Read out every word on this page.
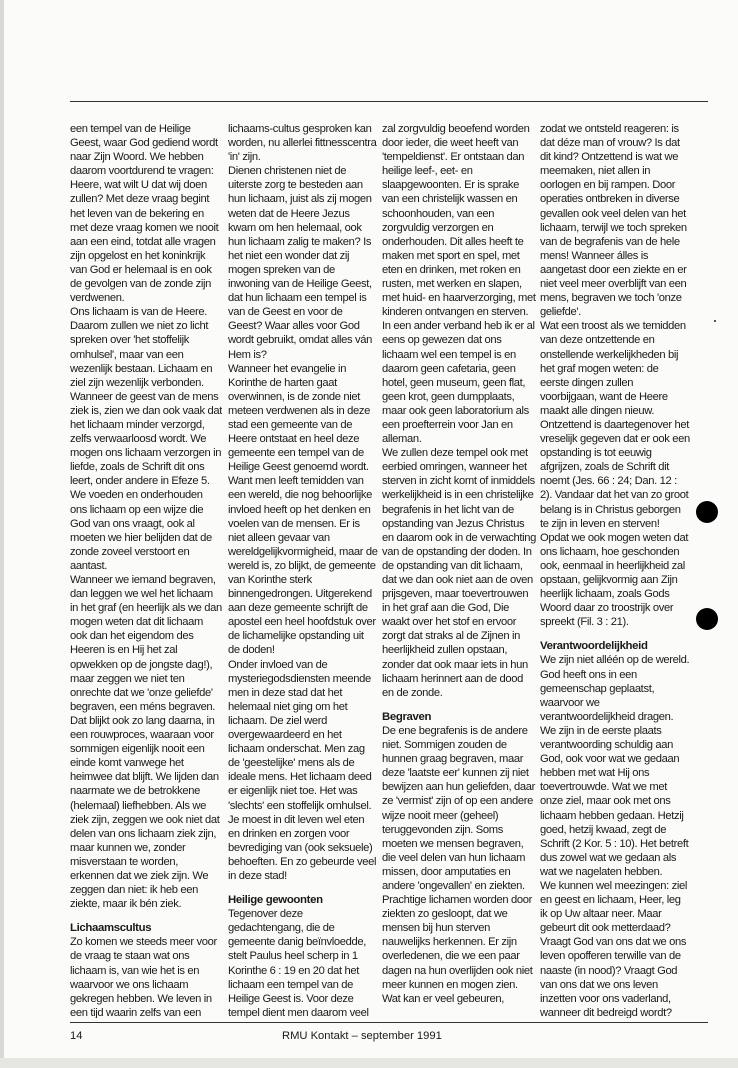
een tempel van de Heilige Geest, waar God gediend wordt naar Zijn Woord. We hebben daarom voortdurend te vragen: Heere, wat wilt U dat wij doen zullen? Met deze vraag begint het leven van de bekering en met deze vraag komen we nooit aan een eind, totdat alle vragen zijn opgelost en het koninkrijk van God er helemaal is en ook de gevolgen van de zonde zijn verdwenen.

Ons lichaam is van de Heere. Daarom zullen we niet zo licht spreken over 'het stoffelijk omhulsel', maar van een wezenlijk bestaan. Lichaam en ziel zijn wezenlijk verbonden. Wanneer de geest van de mens ziek is, zien we dan ook vaak dat het lichaam minder verzorgd, zelfs verwaarloosd wordt. We mogen ons lichaam verzorgen in liefde, zoals de Schrift dit ons leert, onder andere in Efeze 5. We voeden en onderhouden ons lichaam op een wijze die God van ons vraagt, ook al moeten we hier belijden dat de zonde zoveel verstoort en aantast.

Wanneer we iemand begraven, dan leggen we wel het lichaam in het graf (en heerlijk als we dan mogen weten dat dit lichaam ook dan het eigendom des Heeren is en Hij het zal opwekken op de jongste dag!), maar zeggen we niet ten onrechte dat we 'onze geliefde' begraven, een méns begraven. Dat blijkt ook zo lang daarna, in een rouwproces, waaraan voor sommigen eigenlijk nooit een einde komt vanwege het heimwee dat blijft. We lijden dan naarmate we de betrokkene (helemaal) liefhebben. Als we ziek zijn, zeggen we ook niet dat delen van ons lichaam ziek zijn, maar kunnen we, zonder misverstaan te worden, erkennen dat we ziek zijn. We zeggen dan niet: ik heb een ziekte, maar ik bén ziek.

Lichaamscultus

Zo komen we steeds meer voor de vraag te staan wat ons lichaam is, van wie het is en waarvoor we ons lichaam gekregen hebben. We leven in een tijd waarin zelfs van een

lichaams-cultus gesproken kan worden, nu allerlei fittnesscentra 'in' zijn.

Dienen christenen niet de uiterste zorg te besteden aan hun lichaam, juist als zij mogen weten dat de Heere Jezus kwam om hen helemaal, ook hun lichaam zalig te maken? Is het niet een wonder dat zij mogen spreken van de inwoning van de Heilige Geest, dat hun lichaam een tempel is van de Geest en voor de Geest? Waar alles voor God wordt gebruikt, omdat alles ván Hem is?

Wanneer het evangelie in Korinthe de harten gaat overwinnen, is de zonde niet meteen verdwenen als in deze stad een gemeente van de Heere ontstaat en heel deze gemeente een tempel van de Heilige Geest genoemd wordt. Want men leeft temidden van een wereld, die nog behoorlijke invloed heeft op het denken en voelen van de mensen. Er is niet alleen gevaar van wereldgelijkvormigheid, maar de wereld is, zo blijkt, de gemeente van Korinthe sterk binnengedrongen. Uitgerekend aan deze gemeente schrijft de apostel een heel hoofdstuk over de lichamelijke opstanding uit de doden!

Onder invloed van de mysteriegodsdiensten meende men in deze stad dat het helemaal niet ging om het lichaam. De ziel werd overgewaardeerd en het lichaam onderschat. Men zag de 'geestelijke' mens als de ideale mens. Het lichaam deed er eigenlijk niet toe. Het was 'slechts' een stoffelijk omhulsel. Je moest in dit leven wel eten en drinken en zorgen voor bevrediging van (ook seksuele) behoeften. En zo gebeurde veel in deze stad!

Heilige gewoonten

Tegenover deze gedachtengang, die de gemeente danig beïnvloedde, stelt Paulus heel scherp in 1 Korinthe 6 : 19 en 20 dat het lichaam een tempel van de Heilige Geest is. Voor deze tempel dient men daarom veel

zal zorgvuldig beoefend worden door ieder, die weet heeft van 'tempeldienst'. Er ontstaan dan heilige leef-, eet- en slaapgewoonten. Er is sprake van een christelijk wassen en schoonhouden, van een zorgvuldig verzorgen en onderhouden. Dit alles heeft te maken met sport en spel, met eten en drinken, met roken en rusten, met werken en slapen, met huid- en haarverzorging, met kinderen ontvangen en sterven.

In een ander verband heb ik er al eens op gewezen dat ons lichaam wel een tempel is en daarom geen cafetaria, geen hotel, geen museum, geen flat, geen krot, geen dumpplaats, maar ook geen laboratorium als een proefterrein voor Jan en alleman.

We zullen deze tempel ook met eerbied omringen, wanneer het sterven in zicht komt of inmiddels werkelijkheid is in een christelijke begrafenis in het licht van de opstanding van Jezus Christus en daarom ook in de verwachting van de opstanding der doden. In de opstanding van dit lichaam, dat we dan ook niet aan de oven prijsgeven, maar toevertrouwen in het graf aan die God, Die waakt over het stof en ervoor zorgt dat straks al de Zijnen in heerlijkheid zullen opstaan, zonder dat ook maar iets in hun lichaam herinnert aan de dood en de zonde.

Begraven

De ene begrafenis is de andere niet. Sommigen zouden de hunnen graag begraven, maar deze 'laatste eer' kunnen zij niet bewijzen aan hun geliefden, daar ze 'vermist' zijn of op een andere wijze nooit meer (geheel) teruggevonden zijn. Soms moeten we mensen begraven, die veel delen van hun lichaam missen, door amputaties en andere 'ongevallen' en ziekten. Prachtige lichamen worden door ziekten zo gesloopt, dat we mensen bij hun sterven nauwelijks herkennen. Er zijn overledenen, die we een paar dagen na hun overlijden ook niet meer kunnen en mogen zien. Wat kan er veel gebeuren,

zodat we ontsteld reageren: is dat déze man of vrouw? Is dat dit kind? Ontzettend is wat we meemaken, niet allen in oorlogen en bij rampen. Door operaties ontbreken in diverse gevallen ook veel delen van het lichaam, terwijl we toch spreken van de begrafenis van de hele mens! Wanneer álles is aangetast door een ziekte en er niet veel meer overblijft van een mens, begraven we toch 'onze geliefde'.

Wat een troost als we temidden van deze ontzettende en onstellende werkelijkheden bij het graf mogen weten: de eerste dingen zullen voorbijgaan, want de Heere maakt alle dingen nieuw. Ontzettend is daartegenover het vreselijk gegeven dat er ook een opstanding is tot eeuwig afgrijzen, zoals de Schrift dit noemt (Jes. 66 : 24; Dan. 12 : 2). Vandaar dat het van zo groot belang is in Christus geborgen te zijn in leven en sterven! Opdat we ook mogen weten dat ons lichaam, hoe geschonden ook, eenmaal in heerlijkheid zal opstaan, gelijkvormig aan Zijn heerlijk lichaam, zoals Gods Woord daar zo troostrijk over spreekt (Fil. 3 : 21).

Verantwoordelijkheid

We zijn niet alléén op de wereld. God heeft ons in een gemeenschap geplaatst, waarvoor we verantwoordelijkheid dragen. We zijn in de eerste plaats verantwoording schuldig aan God, ook voor wat we gedaan hebben met wat Hij ons toevertrouwde. Wat we met onze ziel, maar ook met ons lichaam hebben gedaan. Hetzij goed, hetzij kwaad, zegt de Schrift (2 Kor. 5 : 10). Het betreft dus zowel wat we gedaan als wat we nagelaten hebben.

We kunnen wel meezingen: ziel en geest en lichaam, Heer, leg ik op Uw altaar neer. Maar gebeurt dit ook metterdaad? Vraagt God van ons dat we ons leven opofferen terwille van de naaste (in nood)? Vraagt God van ons dat we ons leven inzetten voor ons vaderland, wanneer dit bedreigd wordt?

14	RMU Kontakt – september 1991
